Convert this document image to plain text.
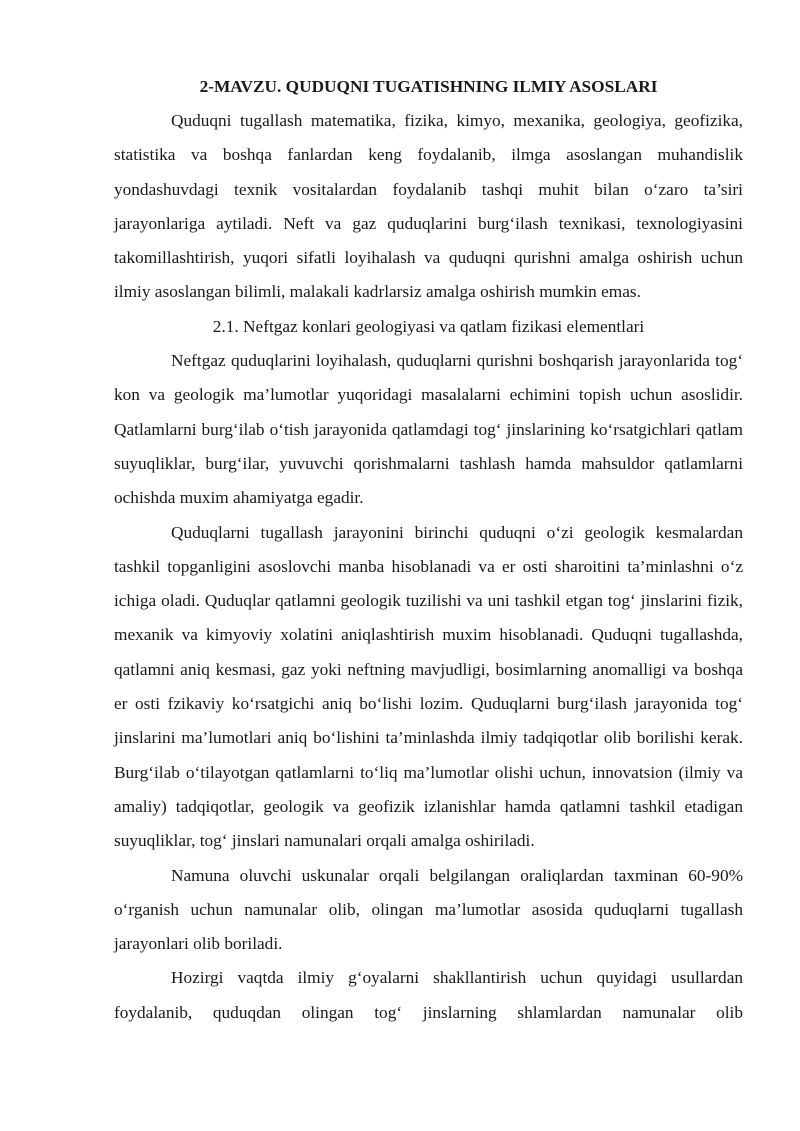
2-MAVZU. QUDUQNI TUGATISHNING ILMIY ASOSLARI

Quduqni tugallash matematika, fizika, kimyo, mexanika, geologiya, geofizika, statistika va boshqa fanlardan keng foydalanib, ilmga asoslangan muhandislik yondashuvdagi texnik vositalardan foydalanib tashqi muhit bilan o‘zaro ta’siri jarayonlariga aytiladi. Neft va gaz quduqlarini burg‘ilash texnikasi, texnologiyasini takomillashtirish, yuqori sifatli loyihalash va quduqni qurishni amalga oshirish uchun ilmiy asoslangan bilimli, malakali kadrlarsiz amalga oshirish mumkin emas.

2.1. Neftgaz konlari geologiyasi va qatlam fizikasi elementlari

Neftgaz quduqlarini loyihalash, quduqlarni qurishni boshqarish jarayonlarida tog‘ kon va geologik ma’lumotlar yuqoridagi masalalarni echimini topish uchun asoslidir. Qatlamlarni burg‘ilab o‘tish jarayonida qatlamdagi tog‘ jinslarining ko‘rsatgichlari qatlam suyuqliklar, burg‘ilar, yuvuvchi qorishmalarni tashlash hamda mahsuldor qatlamlarni ochishda muxim ahamiyatga egadir.

Quduqlarni tugallash jarayonini birinchi quduqni o‘zi geologik kesmalardan tashkil topganligini asoslovchi manba hisoblanadi va er osti sharoitini ta’minlashni o‘z ichiga oladi. Quduqlar qatlamni geologik tuzilishi va uni tashkil etgan tog‘ jinslarini fizik, mexanik va kimyoviy xolatini aniqlashtirish muxim hisoblanadi. Quduqni tugallashda, qatlamni aniq kesmasi, gaz yoki neftning mavjudligi, bosimlarning anomalligi va boshqa er osti fzikaviy ko‘rsatgichi aniq bo‘lishi lozim. Quduqlarni burg‘ilash jarayonida tog‘ jinslarini ma’lumotlari aniq bo‘lishini ta’minlashda ilmiy tadqiqotlar olib borilishi kerak. Burg‘ilab o‘tilayotgan qatlamlarni to‘liq ma’lumotlar olishi uchun, innovatsion (ilmiy va amaliy) tadqiqotlar, geologik va geofizik izlanishlar hamda qatlamni tashkil etadigan suyuqliklar, tog‘ jinslari namunalari orqali amalga oshiriladi.

Namuna oluvchi uskunalar orqali belgilangan oraliqlardan taxminan 60-90% o‘rganish uchun namunalar olib, olingan ma’lumotlar asosida quduqlarni tugallash jarayonlari olib boriladi.

Hozirgi vaqtda ilmiy g‘oyalarni shakllantirish uchun quyidagi usullardan foydalanib, quduqdan olingan tog‘ jinslarning shlamlardan namunalar olib
